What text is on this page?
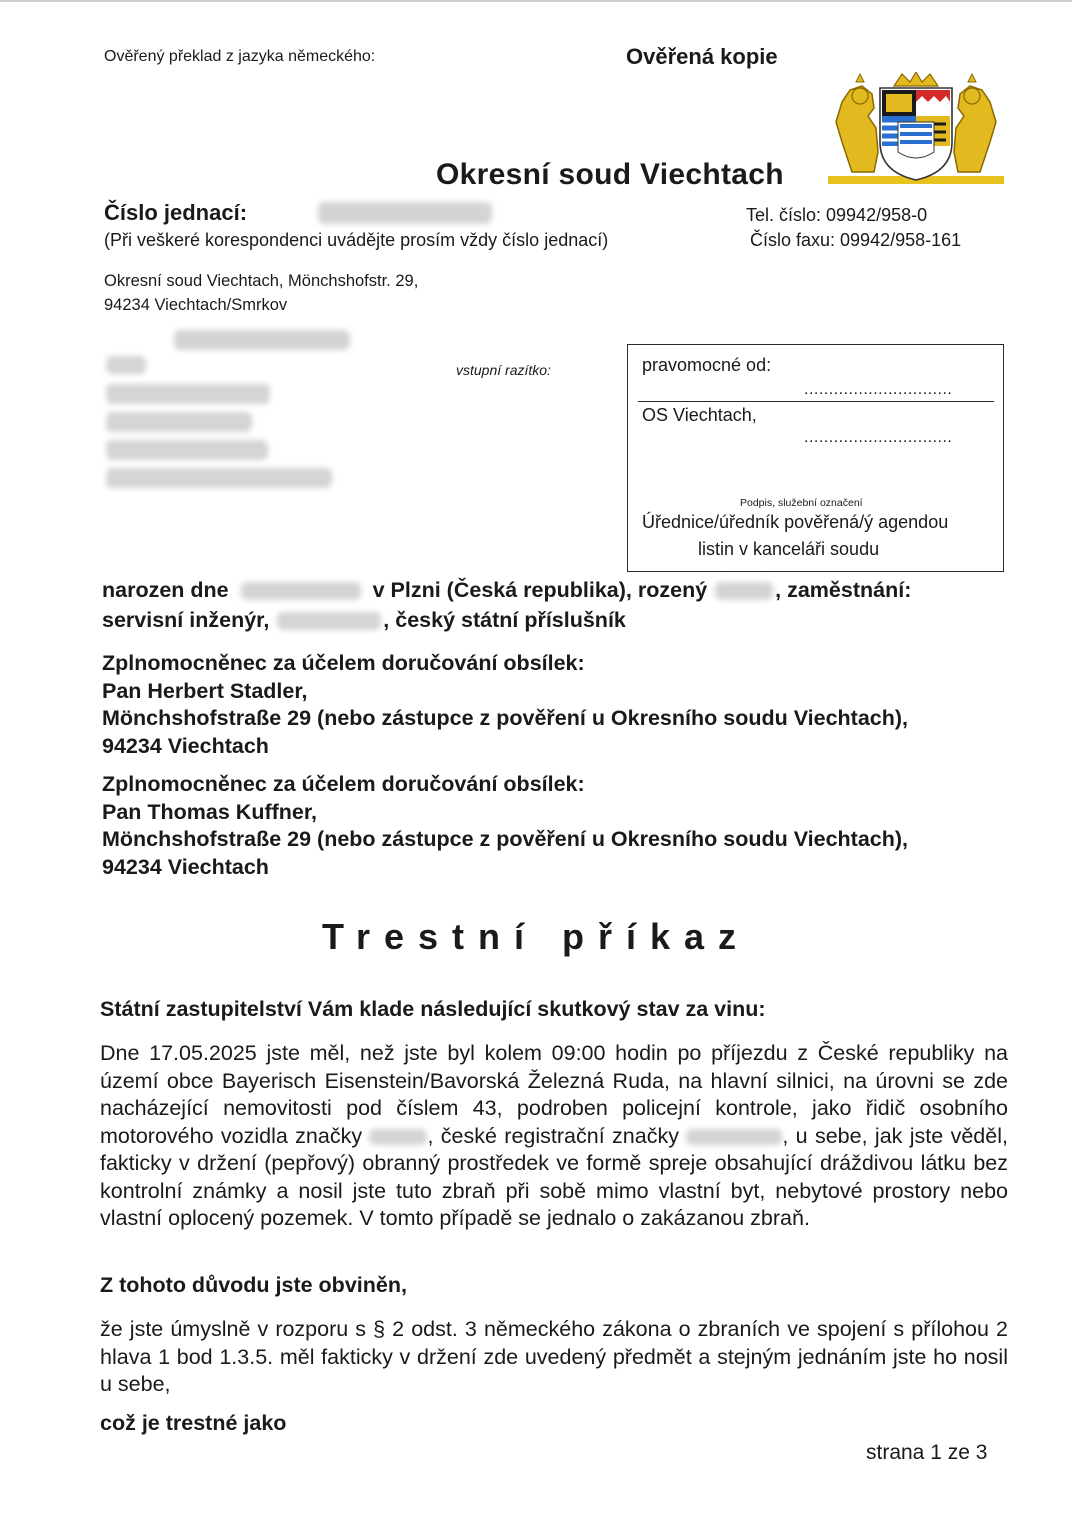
Ověřený překlad z jazyka německého:	Ověřená kopie
Okresní soud Viechtach
Číslo jednací:
(Při veškeré korespondenci uvádějte prosím vždy číslo jednací)
Tel. číslo: 09942/958-0
Číslo faxu: 09942/958-161
Okresní soud Viechtach, Mönchshofstr. 29,
94234 Viechtach/Smrkov
vstupní razítko:	pravomocné od:
..............................
OS Viechtach,
..............................
Podpis, služební označení
Úřednice/úředník pověřená/ý agendou
listin v kanceláři soudu
narozen dne	v Plzni (Česká republika), rozený	, zaměstnání:
servisní inženýr,	, český státní příslušník
Zplnomocněnec za účelem doručování obsílek:
Pan Herbert Stadler,
Mönchshofstraße 29 (nebo zástupce z pověření u Okresního soudu Viechtach),
94234 Viechtach
Zplnomocněnec za účelem doručování obsílek:
Pan Thomas Kuffner,
Mönchshofstraße 29 (nebo zástupce z pověření u Okresního soudu Viechtach),
94234 Viechtach
Trestní příkaz
Státní zastupitelství Vám klade následující skutkový stav za vinu:
Dne 17.05.2025 jste měl, než jste byl kolem 09:00 hodin po příjezdu z České republiky na území obce Bayerisch Eisenstein/Bavorská Železná Ruda, na hlavní silnici, na úrovni se zde nacházející nemovitosti pod číslem 43, podroben policejní kontrole, jako řidič osobního motorového vozidla značky	, české registrační značky	, u sebe, jak jste věděl, fakticky v držení (pepřový) obranný prostředek ve formě spreje obsahující dráždivou látku bez kontrolní známky a nosil jste tuto zbraň při sobě mimo vlastní byt, nebytové prostory nebo vlastní oplocený pozemek. V tomto případě se jednalo o zakázanou zbraň.
Z tohoto důvodu jste obviněn,
že jste úmyslně v rozporu s § 2 odst. 3 německého zákona o zbraních ve spojení s přílohou 2 hlava 1 bod 1.3.5. měl fakticky v držení zde uvedený předmět a stejným jednáním jste ho nosil u sebe,
což je trestné jako
strana 1 ze 3
